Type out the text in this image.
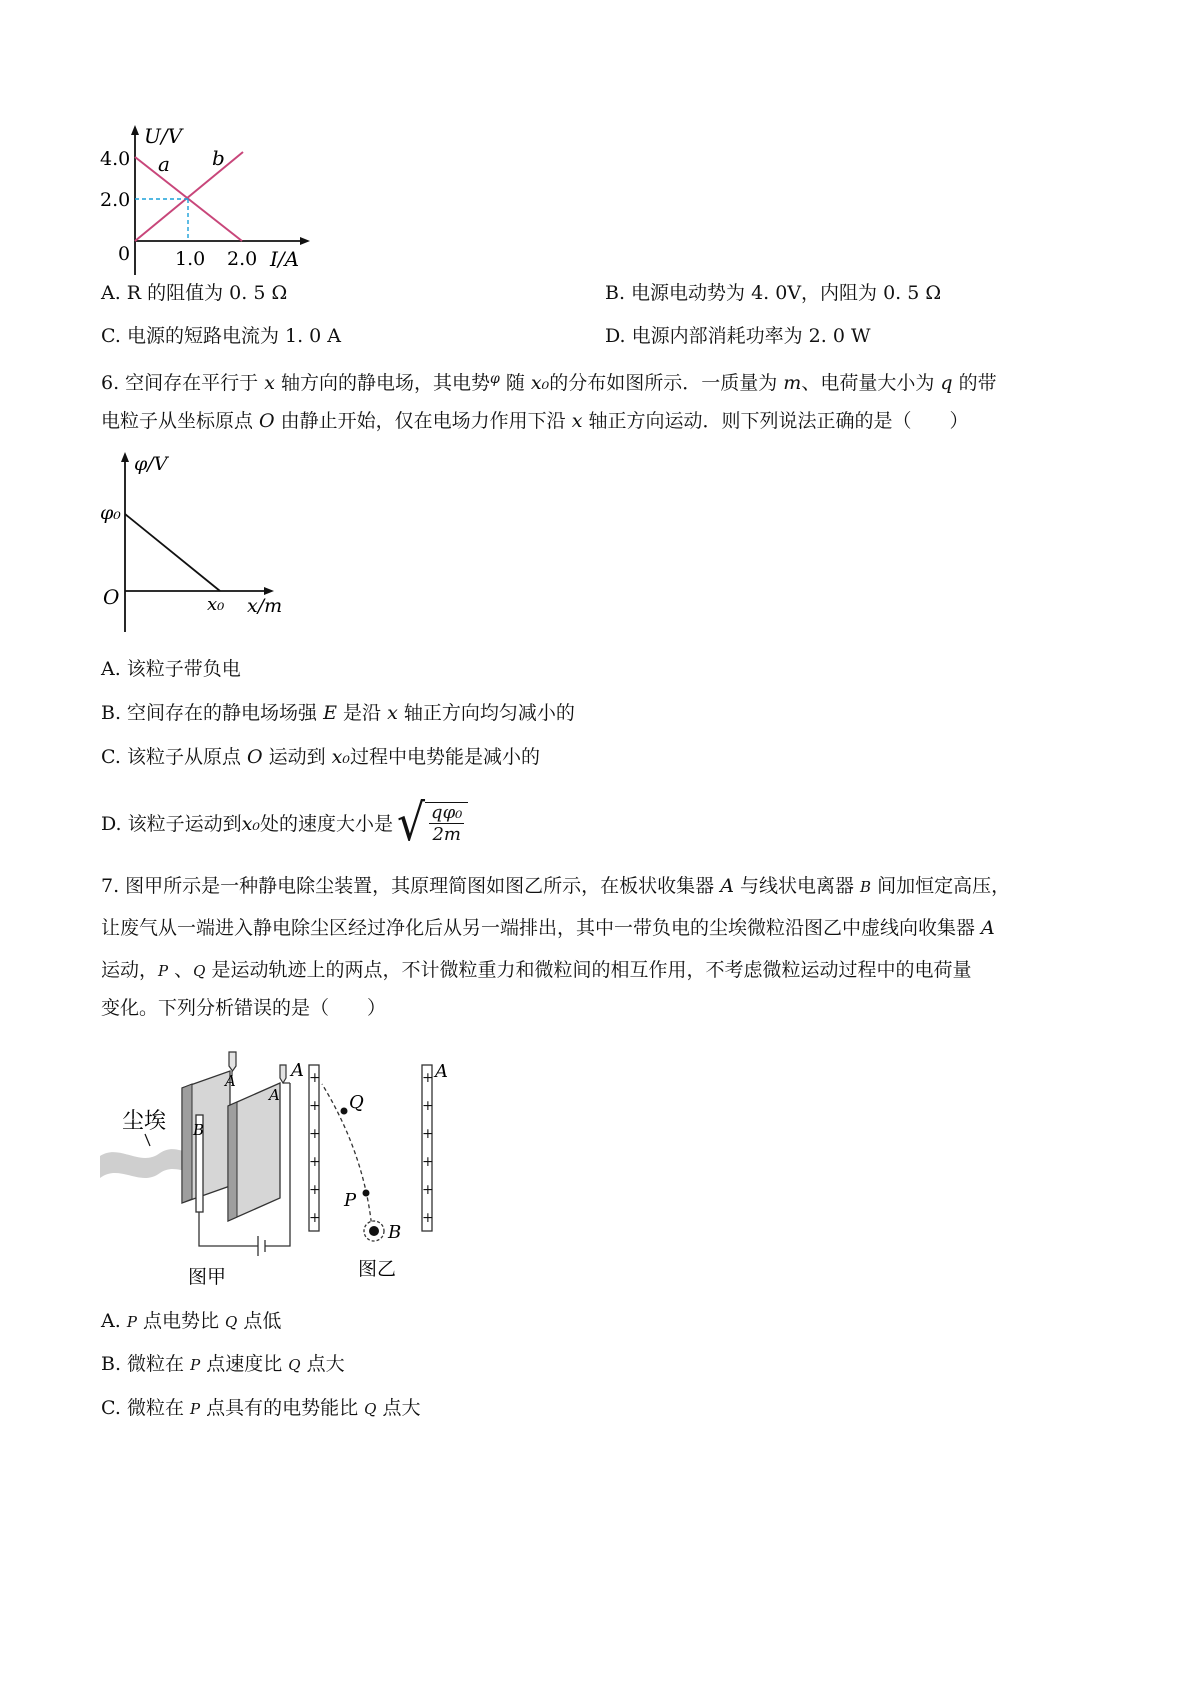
U/V
4.0
2.0
0 1.0 2.0 I/A
a b
A. R 的阻值为 0. 5 Ω	B. 电源电动势为 4. 0V，内阻为 0. 5 Ω
C. 电源的短路电流为 1. 0 A	D. 电源内部消耗功率为 2. 0 W
6. 空间存在平行于 x 轴方向的静电场，其电势$^\varphi$ 随 x₀的分布如图所示．一质量为 m、电荷量大小为 q 的带
电粒子从坐标原点 O 由静止开始，仅在电场力作用下沿 x 轴正方向运动．则下列说法正确的是（　　）
φ/V
φ₀
O	x₀ x/m
A. 该粒子带负电
B. 空间存在的静电场场强 E 是沿 x 轴正方向均匀减小的
C. 该粒子从原点 O 运动到 x₀过程中电势能是减小的
D. 该粒子运动到 x₀ 处的速度大小是 √ $\frac{\text{qφ₀}}{2m}$
7. 图甲所示是一种静电除尘装置，其原理简图如图乙所示，在板状收集器 A 与线状电离器 B 间加恒定高压，
让废气从一端进入静电除尘区经过净化后从另一端排出，其中一带负电的尘埃微粒沿图乙中虚线向收集器 A
运动，P 、Q 是运动轨迹上的两点，不计微粒重力和微粒间的相互作用，不考虑微粒运动过程中的电荷量
变化。下列分析错误的是（　　）
尘埃
A
A
A
B
图甲
+
+
+
+
+
+
+
+
+
+
+
+
Q
P
B
A
图乙
A. P 点电势比 Q 点低
B. 微粒在 P 点速度比 Q 点大
C. 微粒在 P 点具有的电势能比 Q 点大
